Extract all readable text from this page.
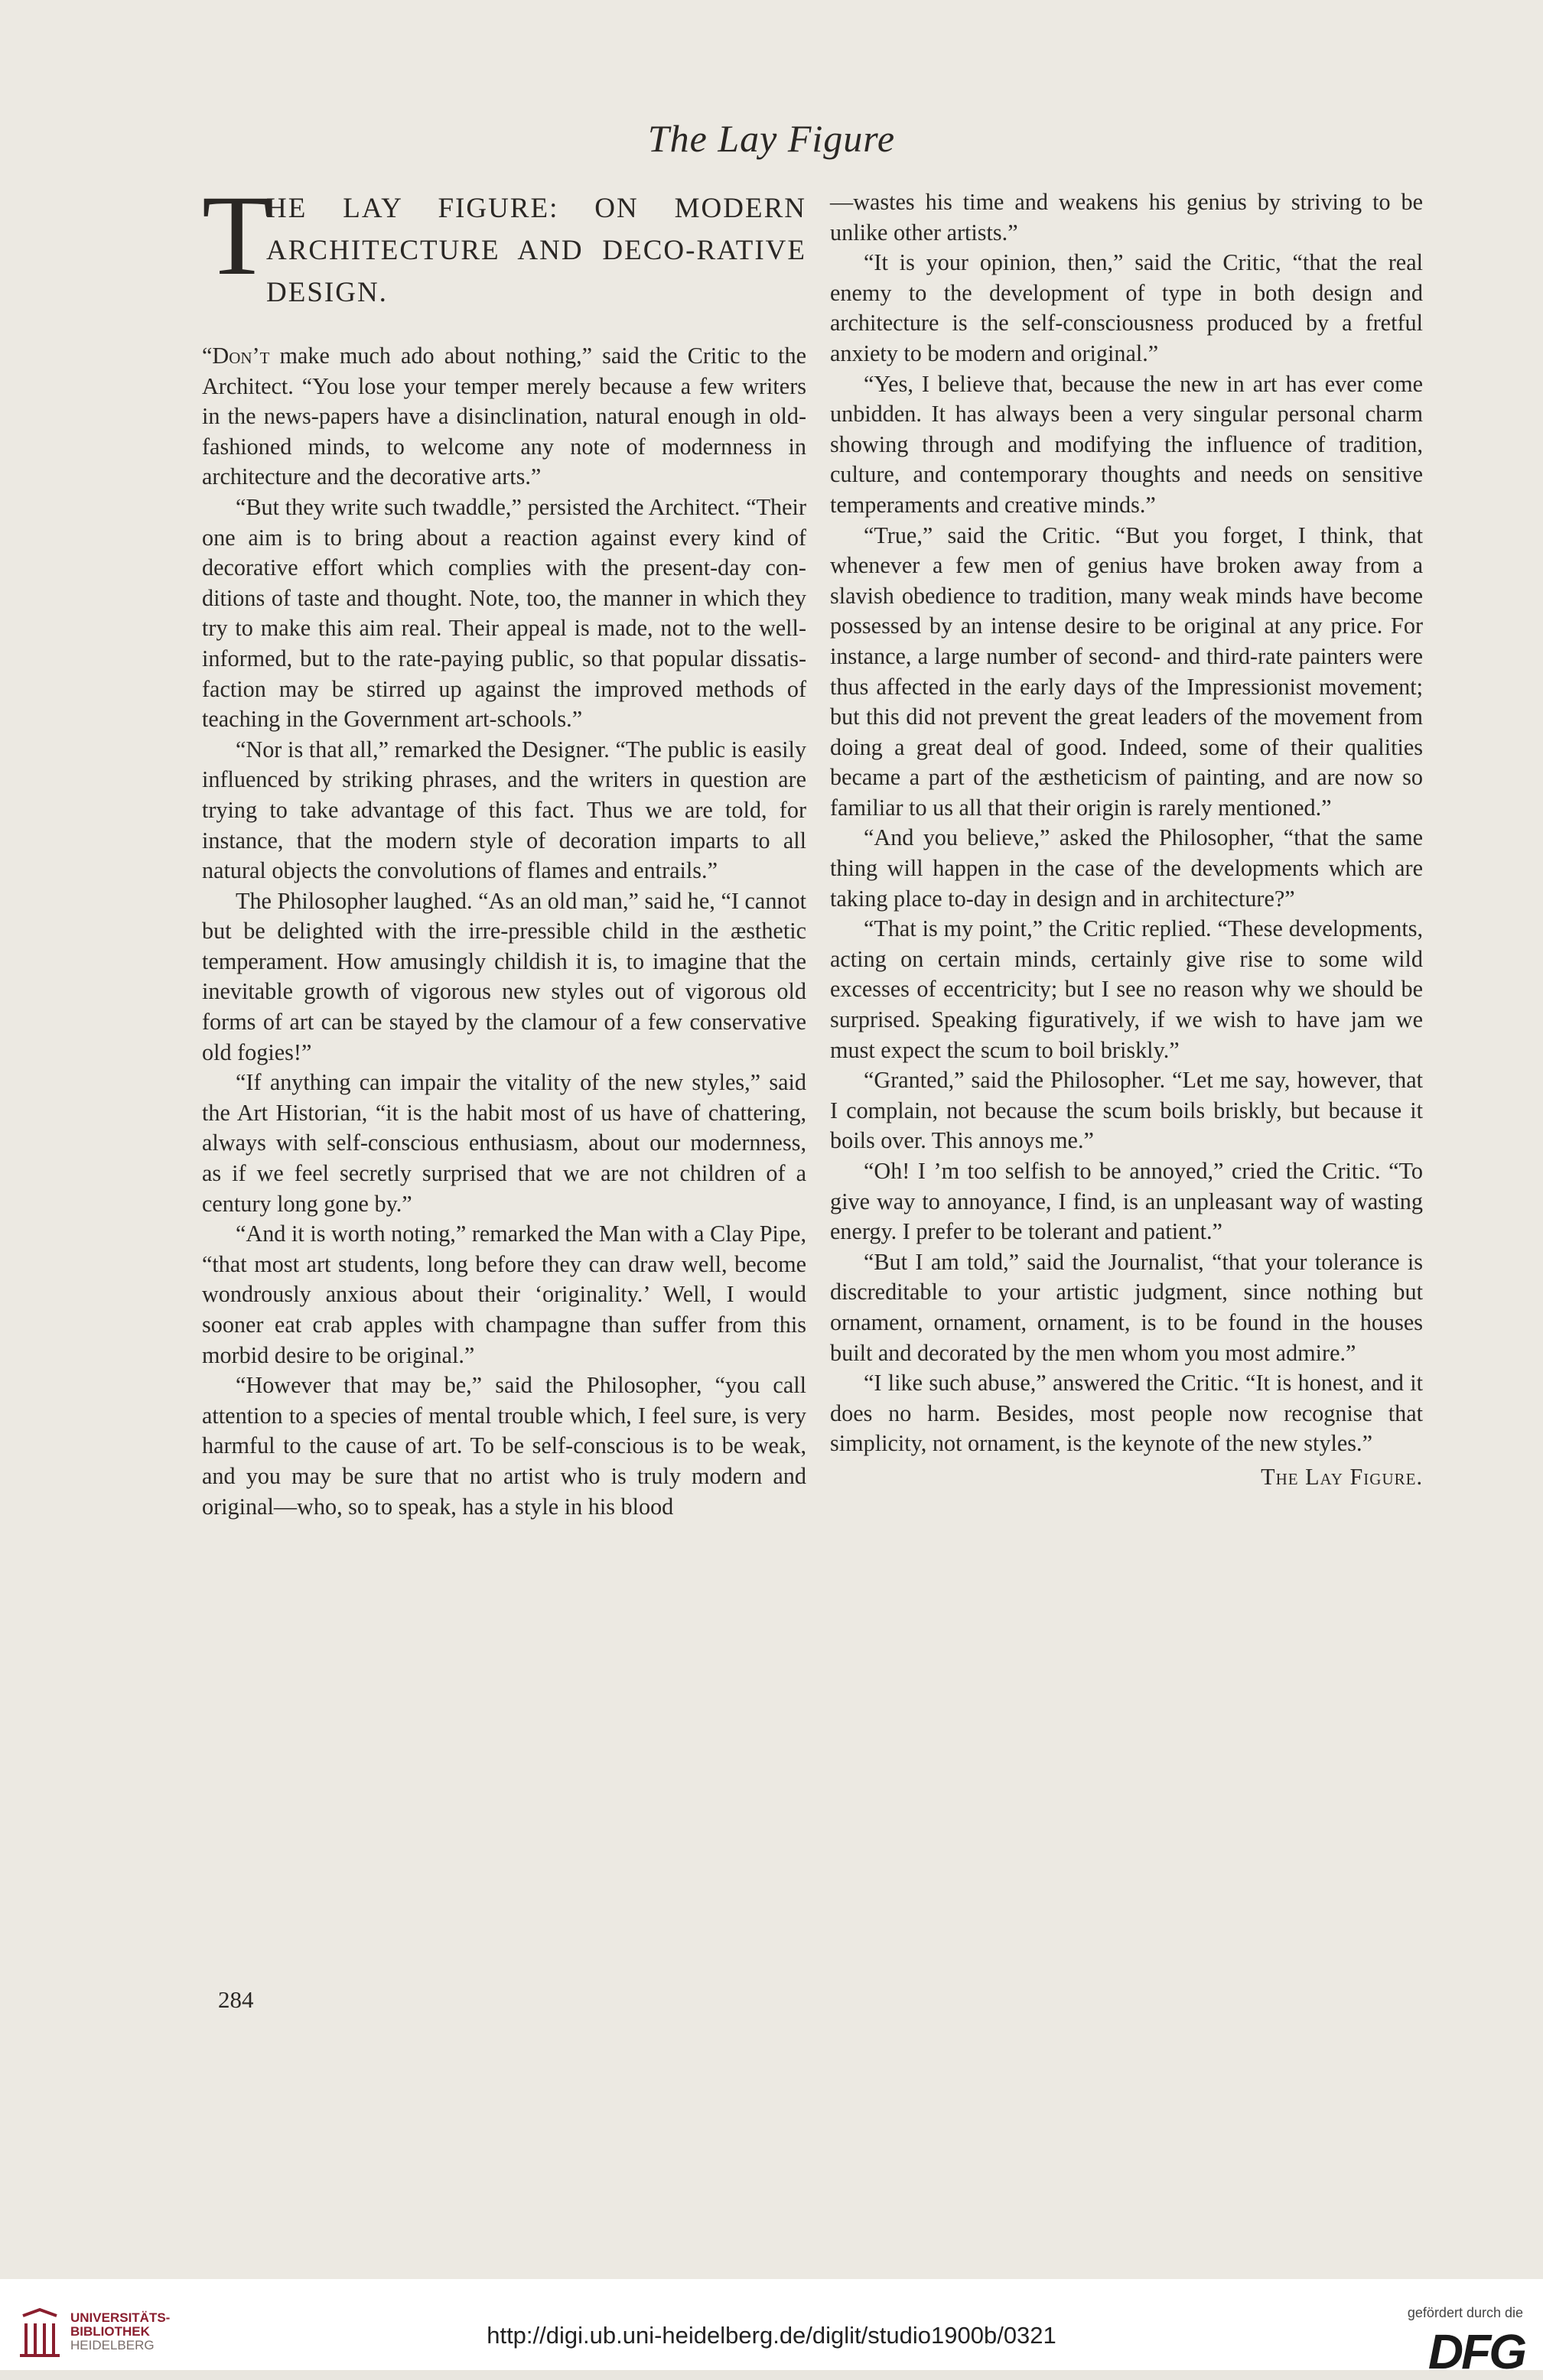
The Lay Figure
T
HE LAY FIGURE: ON MODERN ARCHITECTURE AND DECO-RATIVE DESIGN.

“Don’t make much ado about nothing,” said the Critic to the Architect. “You lose your temper merely because a few writers in the news-papers have a disinclination, natural enough in old-fashioned minds, to welcome any note of modernness in architecture and the decorative arts.”

“But they write such twaddle,” persisted the Architect. “Their one aim is to bring about a reaction against every kind of decorative effort which complies with the present-day con-ditions of taste and thought. Note, too, the manner in which they try to make this aim real. Their appeal is made, not to the well-informed, but to the rate-paying public, so that popular dissatis-faction may be stirred up against the improved methods of teaching in the Government art-schools.”

“Nor is that all,” remarked the Designer. “The public is easily influenced by striking phrases, and the writers in question are trying to take advantage of this fact. Thus we are told, for instance, that the modern style of decoration imparts to all natural objects the convolutions of flames and entrails.”

The Philosopher laughed. “As an old man,” said he, “I cannot but be delighted with the irre-pressible child in the æsthetic temperament. How amusingly childish it is, to imagine that the inevitable growth of vigorous new styles out of vigorous old forms of art can be stayed by the clamour of a few conservative old fogies!”

“If anything can impair the vitality of the new styles,” said the Art Historian, “it is the habit most of us have of chattering, always with self-conscious enthusiasm, about our modernness, as if we feel secretly surprised that we are not children of a century long gone by.”

“And it is worth noting,” remarked the Man with a Clay Pipe, “that most art students, long before they can draw well, become wondrously anxious about their ‘originality.’ Well, I would sooner eat crab apples with champagne than suffer from this morbid desire to be original.”

“However that may be,” said the Philosopher, “you call attention to a species of mental trouble which, I feel sure, is very harmful to the cause of art. To be self-conscious is to be weak, and you may be sure that no artist who is truly modern and original—who, so to speak, has a style in his blood

—wastes his time and weakens his genius by striving to be unlike other artists.”

“It is your opinion, then,” said the Critic, “that the real enemy to the development of type in both design and architecture is the self-consciousness produced by a fretful anxiety to be modern and original.”

“Yes, I believe that, because the new in art has ever come unbidden. It has always been a very singular personal charm showing through and modifying the influence of tradition, culture, and contemporary thoughts and needs on sensitive temperaments and creative minds.”

“True,” said the Critic. “But you forget, I think, that whenever a few men of genius have broken away from a slavish obedience to tradition, many weak minds have become possessed by an intense desire to be original at any price. For instance, a large number of second- and third-rate painters were thus affected in the early days of the Impressionist movement; but this did not prevent the great leaders of the movement from doing a great deal of good. Indeed, some of their qualities became a part of the æstheticism of painting, and are now so familiar to us all that their origin is rarely mentioned.”

“And you believe,” asked the Philosopher, “that the same thing will happen in the case of the developments which are taking place to-day in design and in architecture?”

“That is my point,” the Critic replied. “These developments, acting on certain minds, certainly give rise to some wild excesses of eccentricity; but I see no reason why we should be surprised. Speaking figuratively, if we wish to have jam we must expect the scum to boil briskly.”

“Granted,” said the Philosopher. “Let me say, however, that I complain, not because the scum boils briskly, but because it boils over. This annoys me.”

“Oh! I ’m too selfish to be annoyed,” cried the Critic. “To give way to annoyance, I find, is an unpleasant way of wasting energy. I prefer to be tolerant and patient.”

“But I am told,” said the Journalist, “that your tolerance is discreditable to your artistic judgment, since nothing but ornament, ornament, ornament, is to be found in the houses built and decorated by the men whom you most admire.”

“I like such abuse,” answered the Critic. “It is honest, and it does no harm. Besides, most people now recognise that simplicity, not ornament, is the keynote of the new styles.”

The Lay Figure.
284
UNIVERSITÄTS-
BIBLIOTHEK
HEIDELBERG	http://digi.ub.uni-heidelberg.de/diglit/studio1900b/0321
gefördert durch die
DFG
